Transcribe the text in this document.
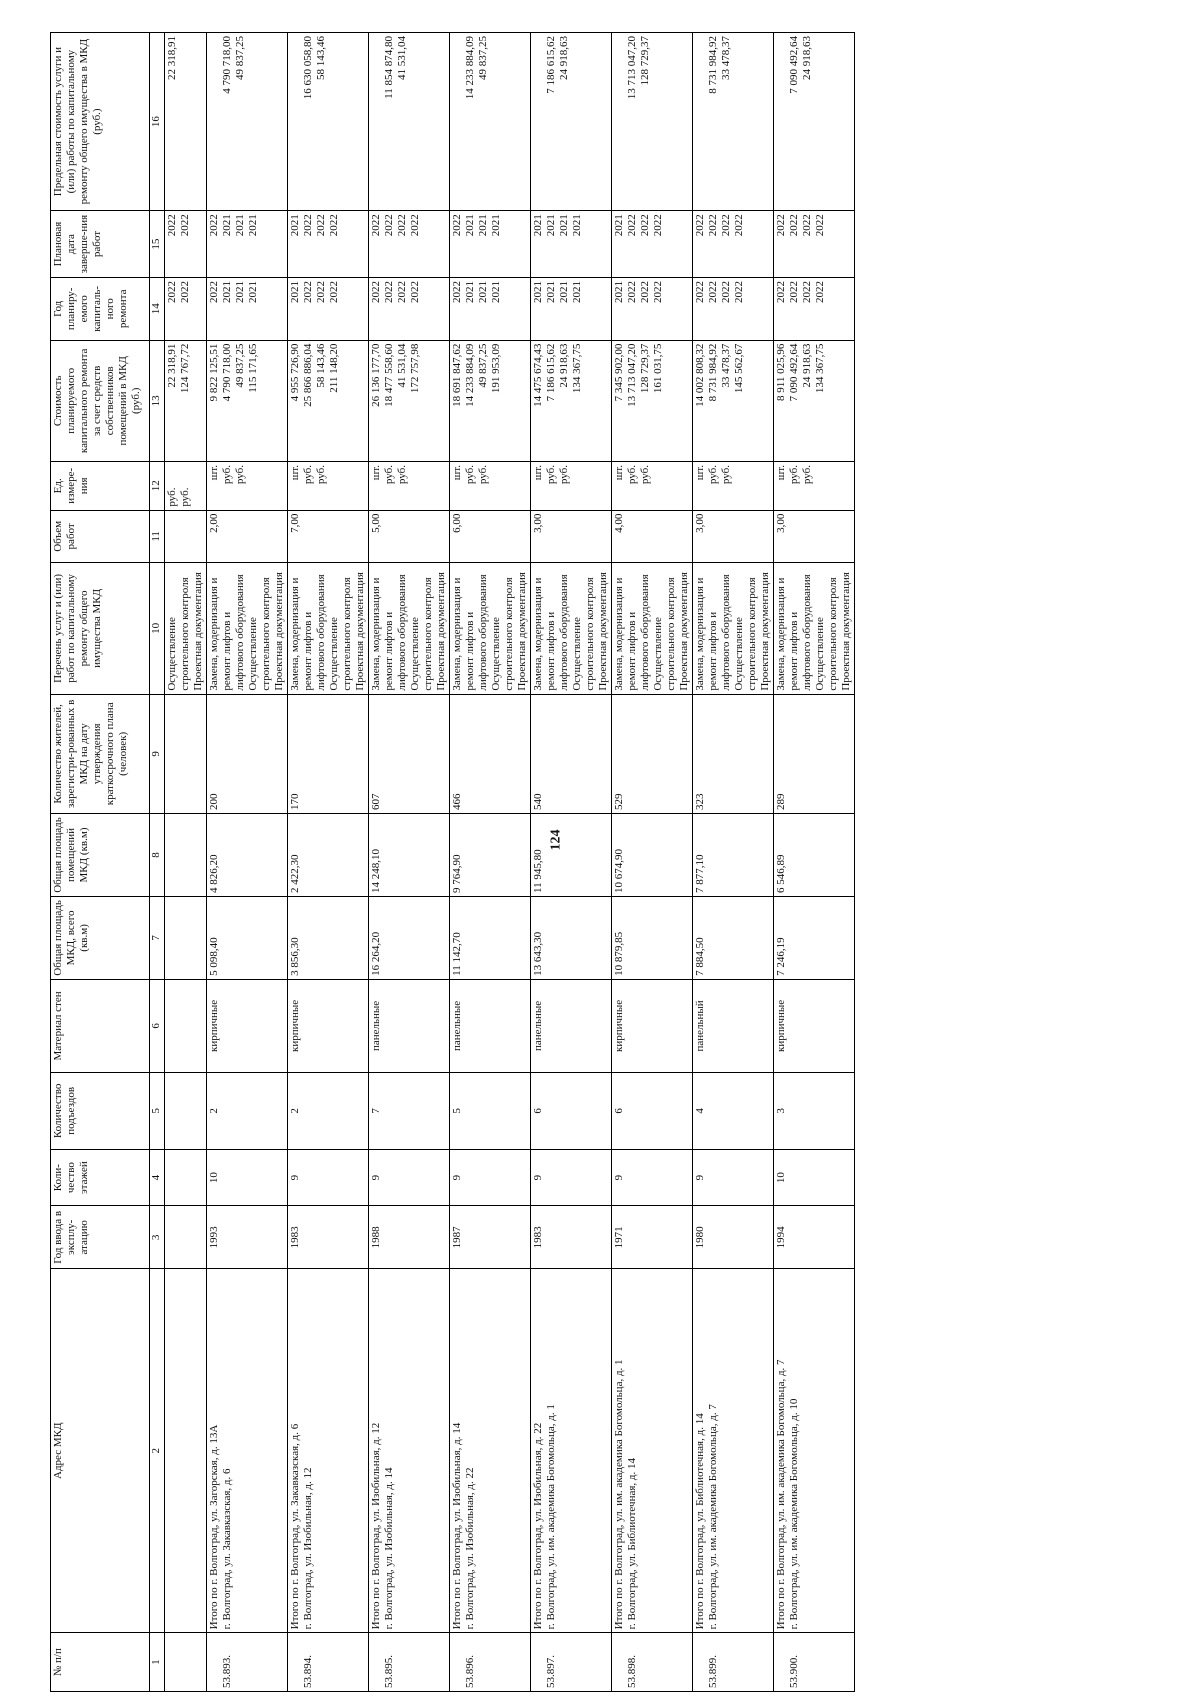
124
№ п/п	Адрес МКД	Год ввода в эксплу-атацию	Коли-чество этажей	Количество подъездов	Материал стен	Общая площадь МКД, всего (кв.м)	Общая площадь помещений МКД (кв.м)	Количество жителей, зарегистри-рованных в МКД на дату утверждения краткосрочного плана (человек)	Перечень услуг и (или) работ по капитальному ремонту общего имущества МКД	Объем работ	Ед. измере-ния	Стоимость планируемого капитального ремонта за счет средств собственников помещений в МКД (руб.)	Год планиру-емого капиталь-ного ремонта	Плановая дата заверше-ния работ	Предельная стоимость услуги и (или) работы по капитальному ремонту общего имущества в МКД (руб.)
1	2	3	4	5	6	7	8	9	10	11	12	13	14	15	16

									Осуществление строительного контроля Проектная документация		руб. руб.	22 318,91 124 767,72	2022 2022	2022 2022	22 318,91

53.893.	Итого по г. Волгоград, ул. Загорская, д. 13А г. Волгоград, ул. Закавказская, д. 6	1993	10	2	кирпичные	5 098,40	4 826,20	200	Замена, модернизация и ремонт лифтов и лифтового оборудования Осуществление строительного контроля Проектная документация	2,00	шт. руб. руб.	9 822 125,51 4 790 718,00 49 837,25 115 171,65	2022 2021 2021 2021	2022 2021 2021 2021	4 790 718,00 49 837,25

53.894.	Итого по г. Волгоград, ул. Закавказская, д. 6 г. Волгоград, ул. Изобильная, д. 12	1983	9	2	кирпичные	3 856,30	2 422,30	170	Замена, модернизация и ремонт лифтов и лифтового оборудования Осуществление строительного контроля Проектная документация	7,00	шт. руб. руб.	4 955 726,90 25 866 886,04 58 143,46 211 148,20	2021 2022 2022 2022	2021 2022 2022 2022	16 630 058,80 58 143,46

53.895.	Итого по г. Волгоград, ул. Изобильная, д. 12 г. Волгоград, ул. Изобильная, д. 14	1988	9	7	панельные	16 264,20	14 248,10	607	Замена, модернизация и ремонт лифтов и лифтового оборудования Осуществление строительного контроля Проектная документация	5,00	шт. руб. руб.	26 136 177,70 18 477 558,60 41 531,04 172 757,98	2022 2022 2022 2022	2022 2022 2022 2022	11 854 874,80 41 531,04

53.896.	Итого по г. Волгоград, ул. Изобильная, д. 14 г. Волгоград, ул. Изобильная, д. 22	1987	9	5	панельные	11 142,70	9 764,90	466	Замена, модернизация и ремонт лифтов и лифтового оборудования Осуществление строительного контроля Проектная документация	6,00	шт. руб. руб.	18 691 847,62 14 233 884,09 49 837,25 191 953,09	2022 2021 2021 2021	2022 2021 2021 2021	14 233 884,09 49 837,25

53.897.	Итого по г. Волгоград, ул. Изобильная, д. 22 г. Волгоград, ул. им. академика Богомольца, д. 1	1983	9	6	панельные	13 643,30	11 945,80	540	Замена, модернизация и ремонт лифтов и лифтового оборудования Осуществление строительного контроля Проектная документация	3,00	шт. руб. руб.	14 475 674,43 7 186 615,62 24 918,63 134 367,75	2021 2021 2021 2021	2021 2021 2021 2021	7 186 615,62 24 918,63

53.898.	Итого по г. Волгоград, ул. им. академика Богомольца, д. 1 г. Волгоград, ул. Библиотечная, д. 14	1971	9	6	кирпичные	10 879,85	10 674,90	529	Замена, модернизация и ремонт лифтов и лифтового оборудования Осуществление строительного контроля Проектная документация	4,00	шт. руб. руб.	7 345 902,00 13 713 047,20 128 729,37 161 031,75	2021 2022 2022 2022	2021 2022 2022 2022	13 713 047,20 128 729,37

53.899.	Итого по г. Волгоград, ул. Библиотечная, д. 14 г. Волгоград, ул. им. академика Богомольца, д. 7	1980	9	4	панельный	7 884,50	7 877,10	323	Замена, модернизация и ремонт лифтов и лифтового оборудования Осуществление строительного контроля Проектная документация	3,00	шт. руб. руб.	14 002 808,32 8 731 984,92 33 478,37 145 562,67	2022 2022 2022 2022	2022 2022 2022 2022	8 731 984,92 33 478,37

53.900.	Итого по г. Волгоград, ул. им. академика Богомольца, д. 7 г. Волгоград, ул. им. академика Богомольца, д. 10	1994	10	3	кирпичные	7 246,19	6 546,89	289	Замена, модернизация и ремонт лифтов и лифтового оборудования Осуществление строительного контроля Проектная документация	3,00	шт. руб. руб.	8 911 025,96 7 090 492,64 24 918,63 134 367,75	2022 2022 2022 2022	2022 2022 2022 2022	7 090 492,64 24 918,63
